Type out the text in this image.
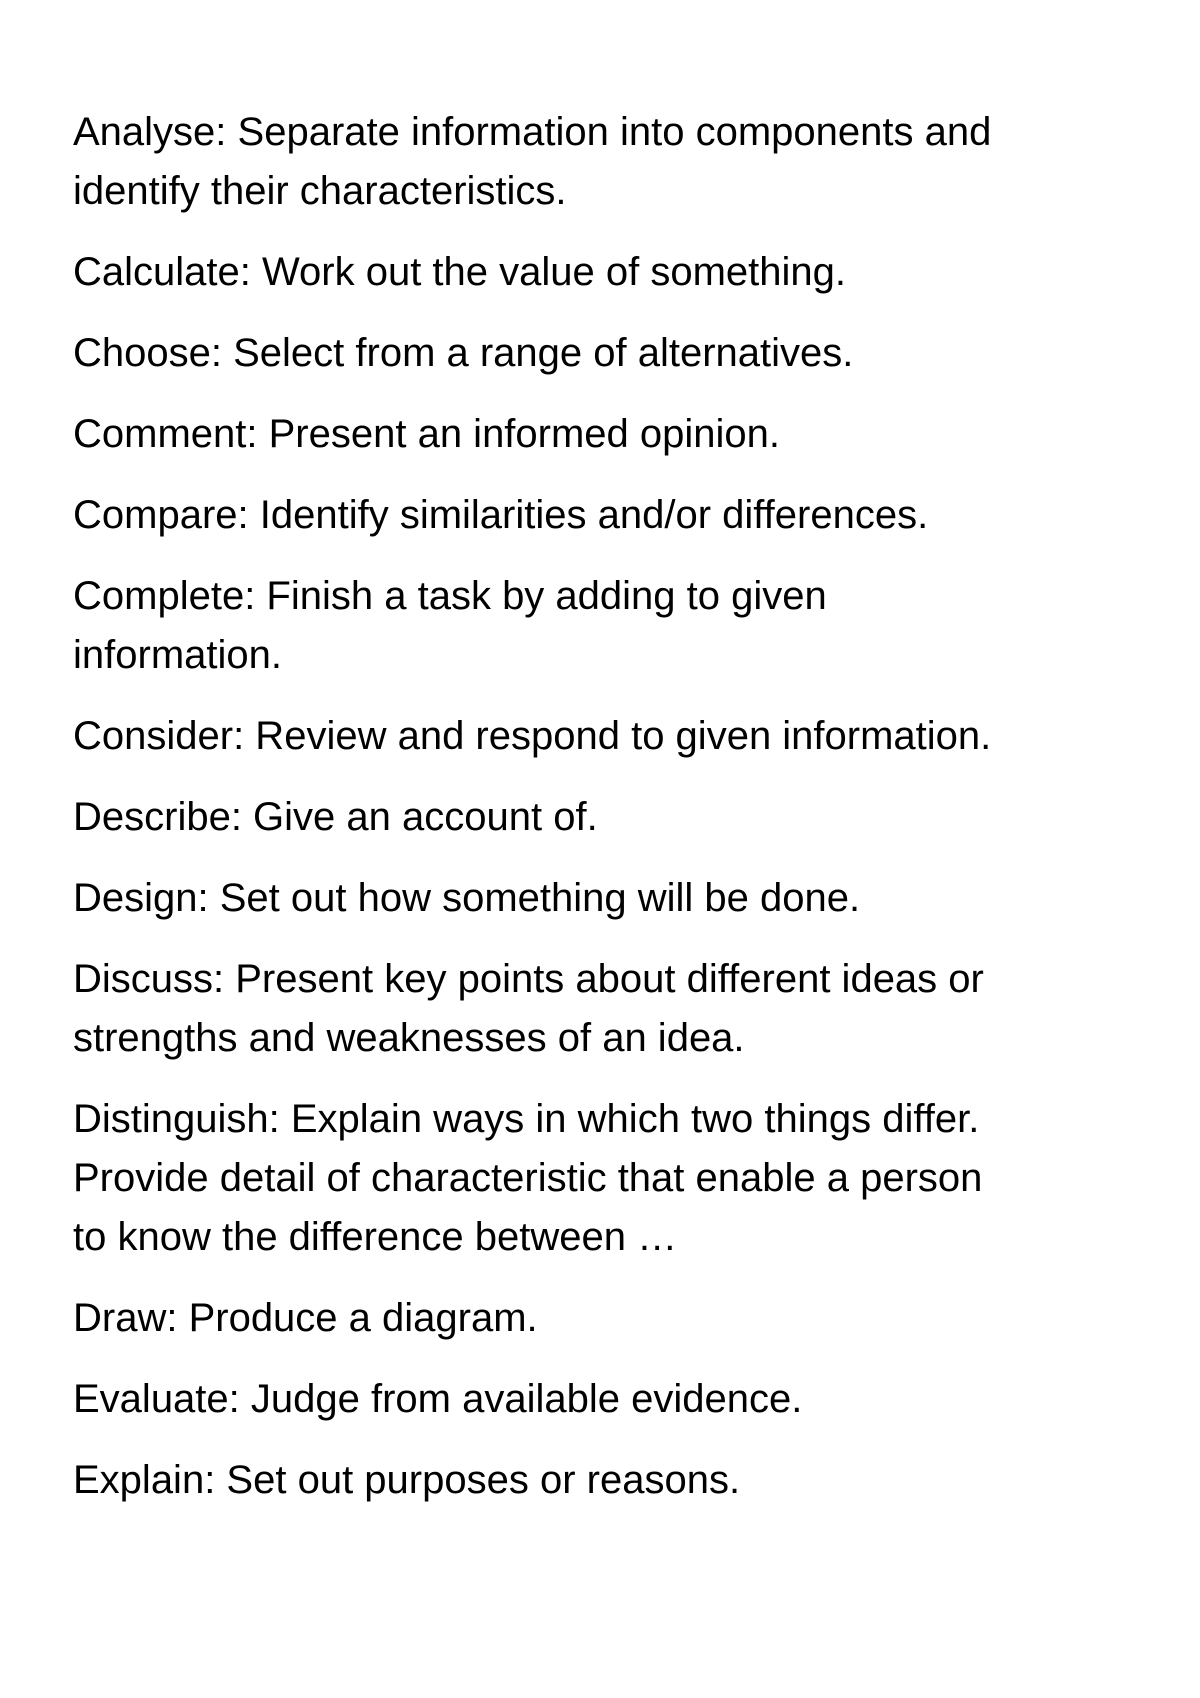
Analyse: Separate information into components and
identify their characteristics.
Calculate: Work out the value of something.
Choose: Select from a range of alternatives.
Comment: Present an informed opinion.
Compare: Identify similarities and/or differences.
Complete: Finish a task by adding to given
information.
Consider: Review and respond to given information.
Describe: Give an account of.
Design: Set out how something will be done.
Discuss: Present key points about different ideas or
strengths and weaknesses of an idea.
Distinguish: Explain ways in which two things differ.
Provide detail of characteristic that enable a person
to know the difference between …
Draw: Produce a diagram.
Evaluate: Judge from available evidence.
Explain: Set out purposes or reasons.
